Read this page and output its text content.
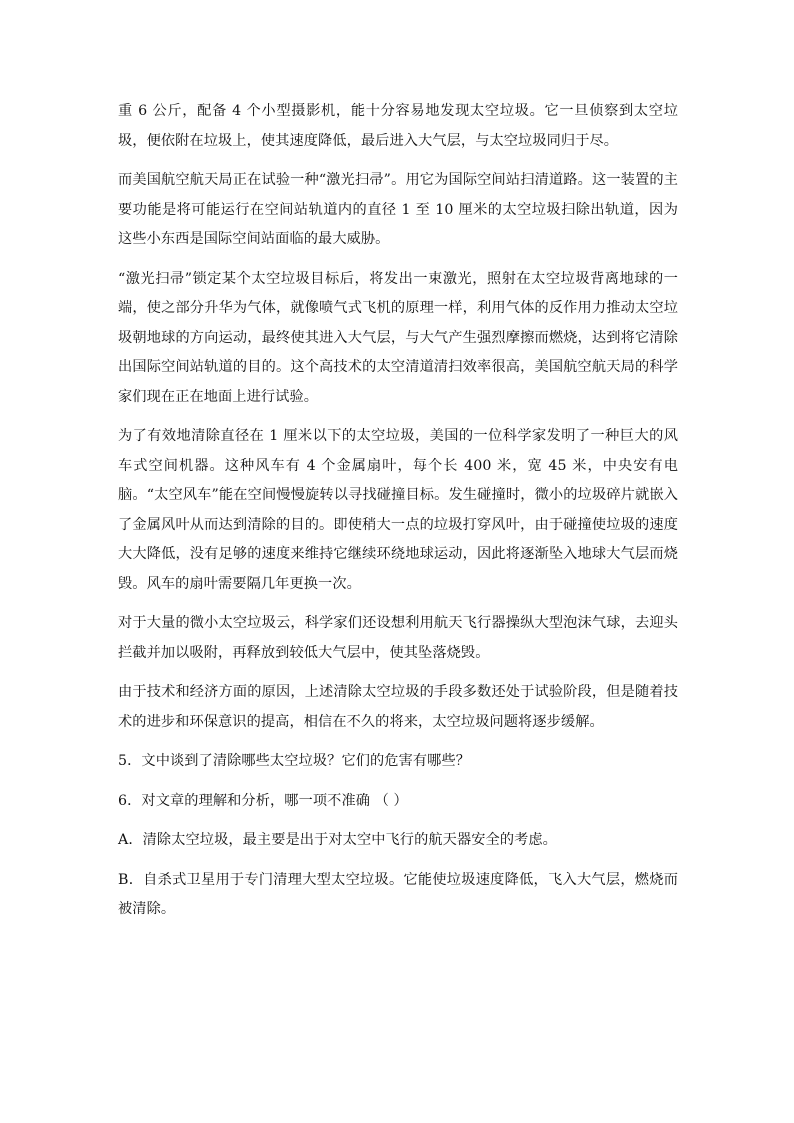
重 6 公斤，配备 4 个小型摄影机，能十分容易地发现太空垃圾。它一旦侦察到太空垃圾，便依附在垃圾上，使其速度降低，最后进入大气层，与太空垃圾同归于尽。

而美国航空航天局正在试验一种“激光扫帚”。用它为国际空间站扫清道路。这一装置的主要功能是将可能运行在空间站轨道内的直径 1 至 10 厘米的太空垃圾扫除出轨道，因为这些小东西是国际空间站面临的最大威胁。

“激光扫帚”锁定某个太空垃圾目标后，将发出一束激光，照射在太空垃圾背离地球的一端，使之部分升华为气体，就像喷气式飞机的原理一样，利用气体的反作用力推动太空垃圾朝地球的方向运动，最终使其进入大气层，与大气产生强烈摩擦而燃烧，达到将它清除出国际空间站轨道的目的。这个高技术的太空清道清扫效率很高，美国航空航天局的科学家们现在正在地面上进行试验。

为了有效地清除直径在 1 厘米以下的太空垃圾，美国的一位科学家发明了一种巨大的风车式空间机器。这种风车有 4 个金属扇叶，每个长 400 米，宽 45 米，中央安有电脑。“太空风车”能在空间慢慢旋转以寻找碰撞目标。发生碰撞时，微小的垃圾碎片就嵌入了金属风叶从而达到清除的目的。即使稍大一点的垃圾打穿风叶，由于碰撞使垃圾的速度大大降低，没有足够的速度来维持它继续环绕地球运动，因此将逐渐坠入地球大气层而烧毁。风车的扇叶需要隔几年更换一次。

对于大量的微小太空垃圾云，科学家们还设想利用航天飞行器操纵大型泡沫气球，去迎头拦截并加以吸附，再释放到较低大气层中，使其坠落烧毁。

由于技术和经济方面的原因，上述清除太空垃圾的手段多数还处于试验阶段，但是随着技术的进步和环保意识的提高，相信在不久的将来，太空垃圾问题将逐步缓解。

5．文中谈到了清除哪些太空垃圾？它们的危害有哪些？

6．对文章的理解和分析，哪一项不准确 （ ）

A．清除太空垃圾，最主要是出于对太空中飞行的航天器安全的考虑。

B．自杀式卫星用于专门清理大型太空垃圾。它能使垃圾速度降低，飞入大气层，燃烧而被清除。
